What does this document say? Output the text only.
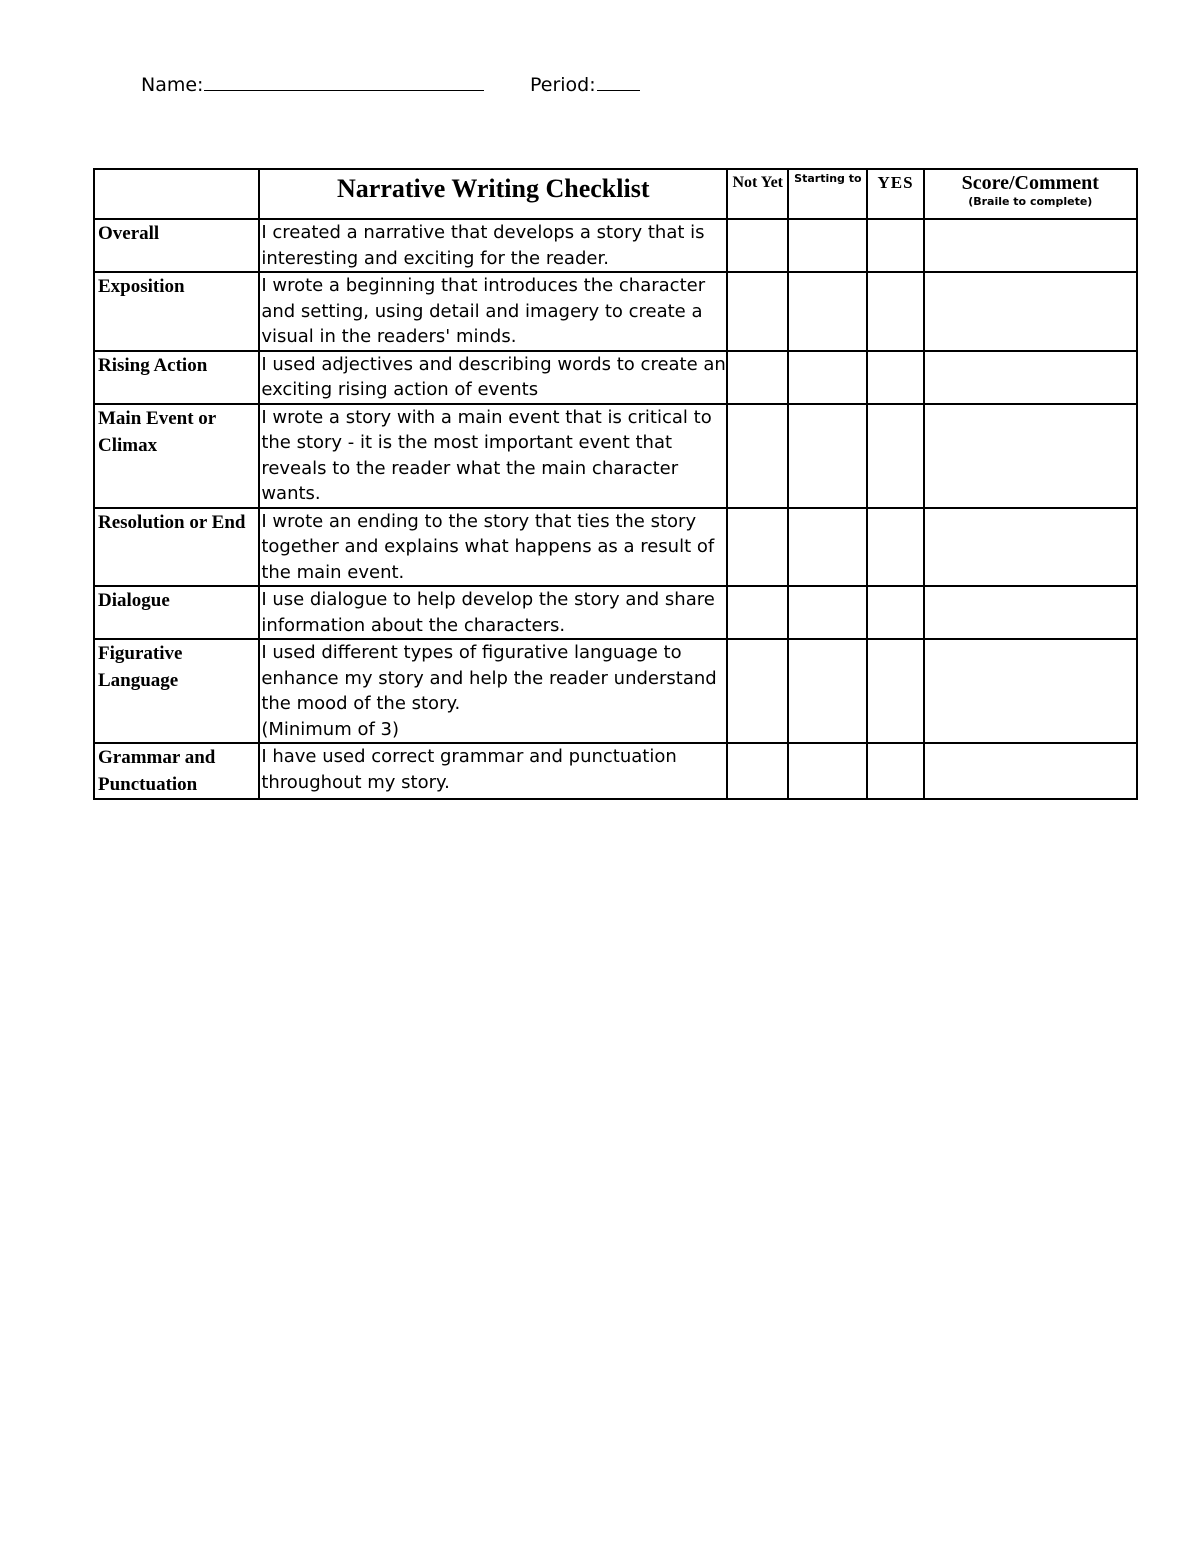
Name:	Period:
	Narrative Writing Checklist	Not Yet	Starting to	YES	Score/Comment
(Braile to complete)

Overall	I created a narrative that develops a story that is interesting and exciting for the reader.				
Exposition	I wrote a beginning that introduces the character and setting, using detail and imagery to create a visual in the readers' minds.				
Rising Action	I used adjectives and describing words to create an exciting rising action of events				
Main Event or Climax	I wrote a story with a main event that is critical to the story - it is the most important event that reveals to the reader what the main character wants.				
Resolution or End	I wrote an ending to the story that ties the story together and explains what happens as a result of the main event.				
Dialogue	I use dialogue to help develop the story and share information about the characters.				
Figurative Language	I used different types of figurative language to enhance my story and help the reader understand the mood of the story.
(Minimum of 3)				
Grammar and Punctuation	I have used correct grammar and punctuation throughout my story.				
